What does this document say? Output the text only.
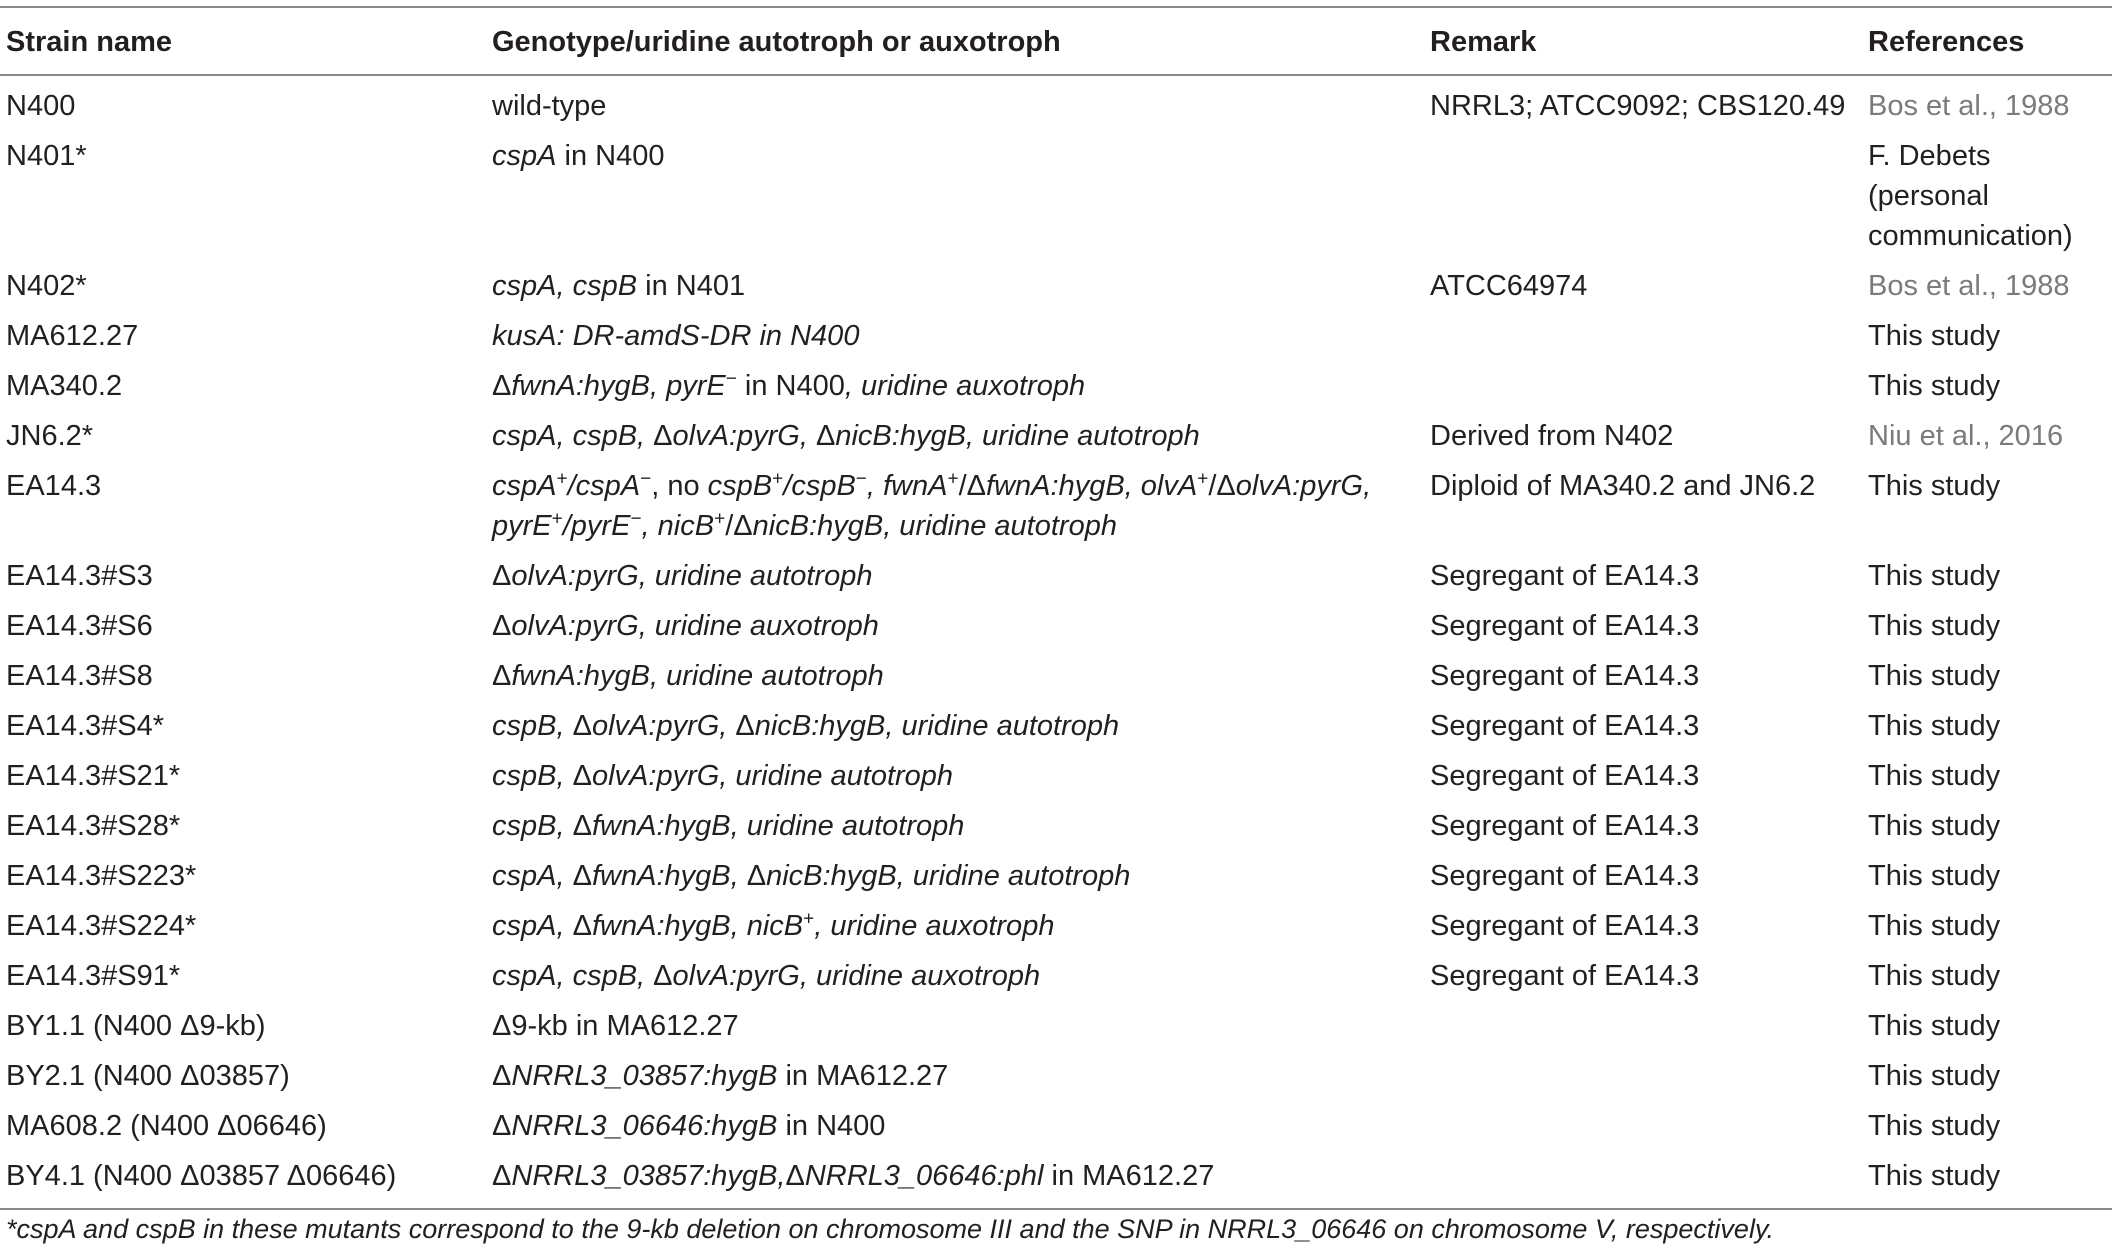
Strain name	Genotype/uridine autotroph or auxotroph	Remark	References
N400	wild-type	NRRL3; ATCC9092; CBS120.49	Bos et al., 1988
N401*	cspA in N400		F. Debets (personal communication)
N402*	cspA, cspB in N401	ATCC64974	Bos et al., 1988
MA612.27	kusA: DR-amdS-DR in N400		This study
MA340.2	ΔfwnA:hygB, pyrE− in N400, uridine auxotroph		This study
JN6.2*	cspA, cspB, ΔolvA:pyrG, ΔnicB:hygB, uridine autotroph	Derived from N402	Niu et al., 2016
EA14.3	cspA+/cspA−, no cspB+/cspB−, fwnA+/ΔfwnA:hygB, olvA+/ΔolvA:pyrG, pyrE+/pyrE−, nicB+/ΔnicB:hygB, uridine autotroph	Diploid of MA340.2 and JN6.2	This study
EA14.3#S3	ΔolvA:pyrG, uridine autotroph	Segregant of EA14.3	This study
EA14.3#S6	ΔolvA:pyrG, uridine auxotroph	Segregant of EA14.3	This study
EA14.3#S8	ΔfwnA:hygB, uridine autotroph	Segregant of EA14.3	This study
EA14.3#S4*	cspB, ΔolvA:pyrG, ΔnicB:hygB, uridine autotroph	Segregant of EA14.3	This study
EA14.3#S21*	cspB, ΔolvA:pyrG, uridine autotroph	Segregant of EA14.3	This study
EA14.3#S28*	cspB, ΔfwnA:hygB, uridine autotroph	Segregant of EA14.3	This study
EA14.3#S223*	cspA, ΔfwnA:hygB, ΔnicB:hygB, uridine autotroph	Segregant of EA14.3	This study
EA14.3#S224*	cspA, ΔfwnA:hygB, nicB+, uridine auxotroph	Segregant of EA14.3	This study
EA14.3#S91*	cspA, cspB, ΔolvA:pyrG, uridine auxotroph	Segregant of EA14.3	This study
BY1.1 (N400 Δ9-kb)	Δ9-kb in MA612.27		This study
BY2.1 (N400 Δ03857)	ΔNRRL3_03857:hygB in MA612.27		This study
MA608.2 (N400 Δ06646)	ΔNRRL3_06646:hygB in N400		This study
BY4.1 (N400 Δ03857 Δ06646)	ΔNRRL3_03857:hygB,ΔNRRL3_06646:phl in MA612.27		This study
*cspA and cspB in these mutants correspond to the 9-kb deletion on chromosome III and the SNP in NRRL3_06646 on chromosome V, respectively.
